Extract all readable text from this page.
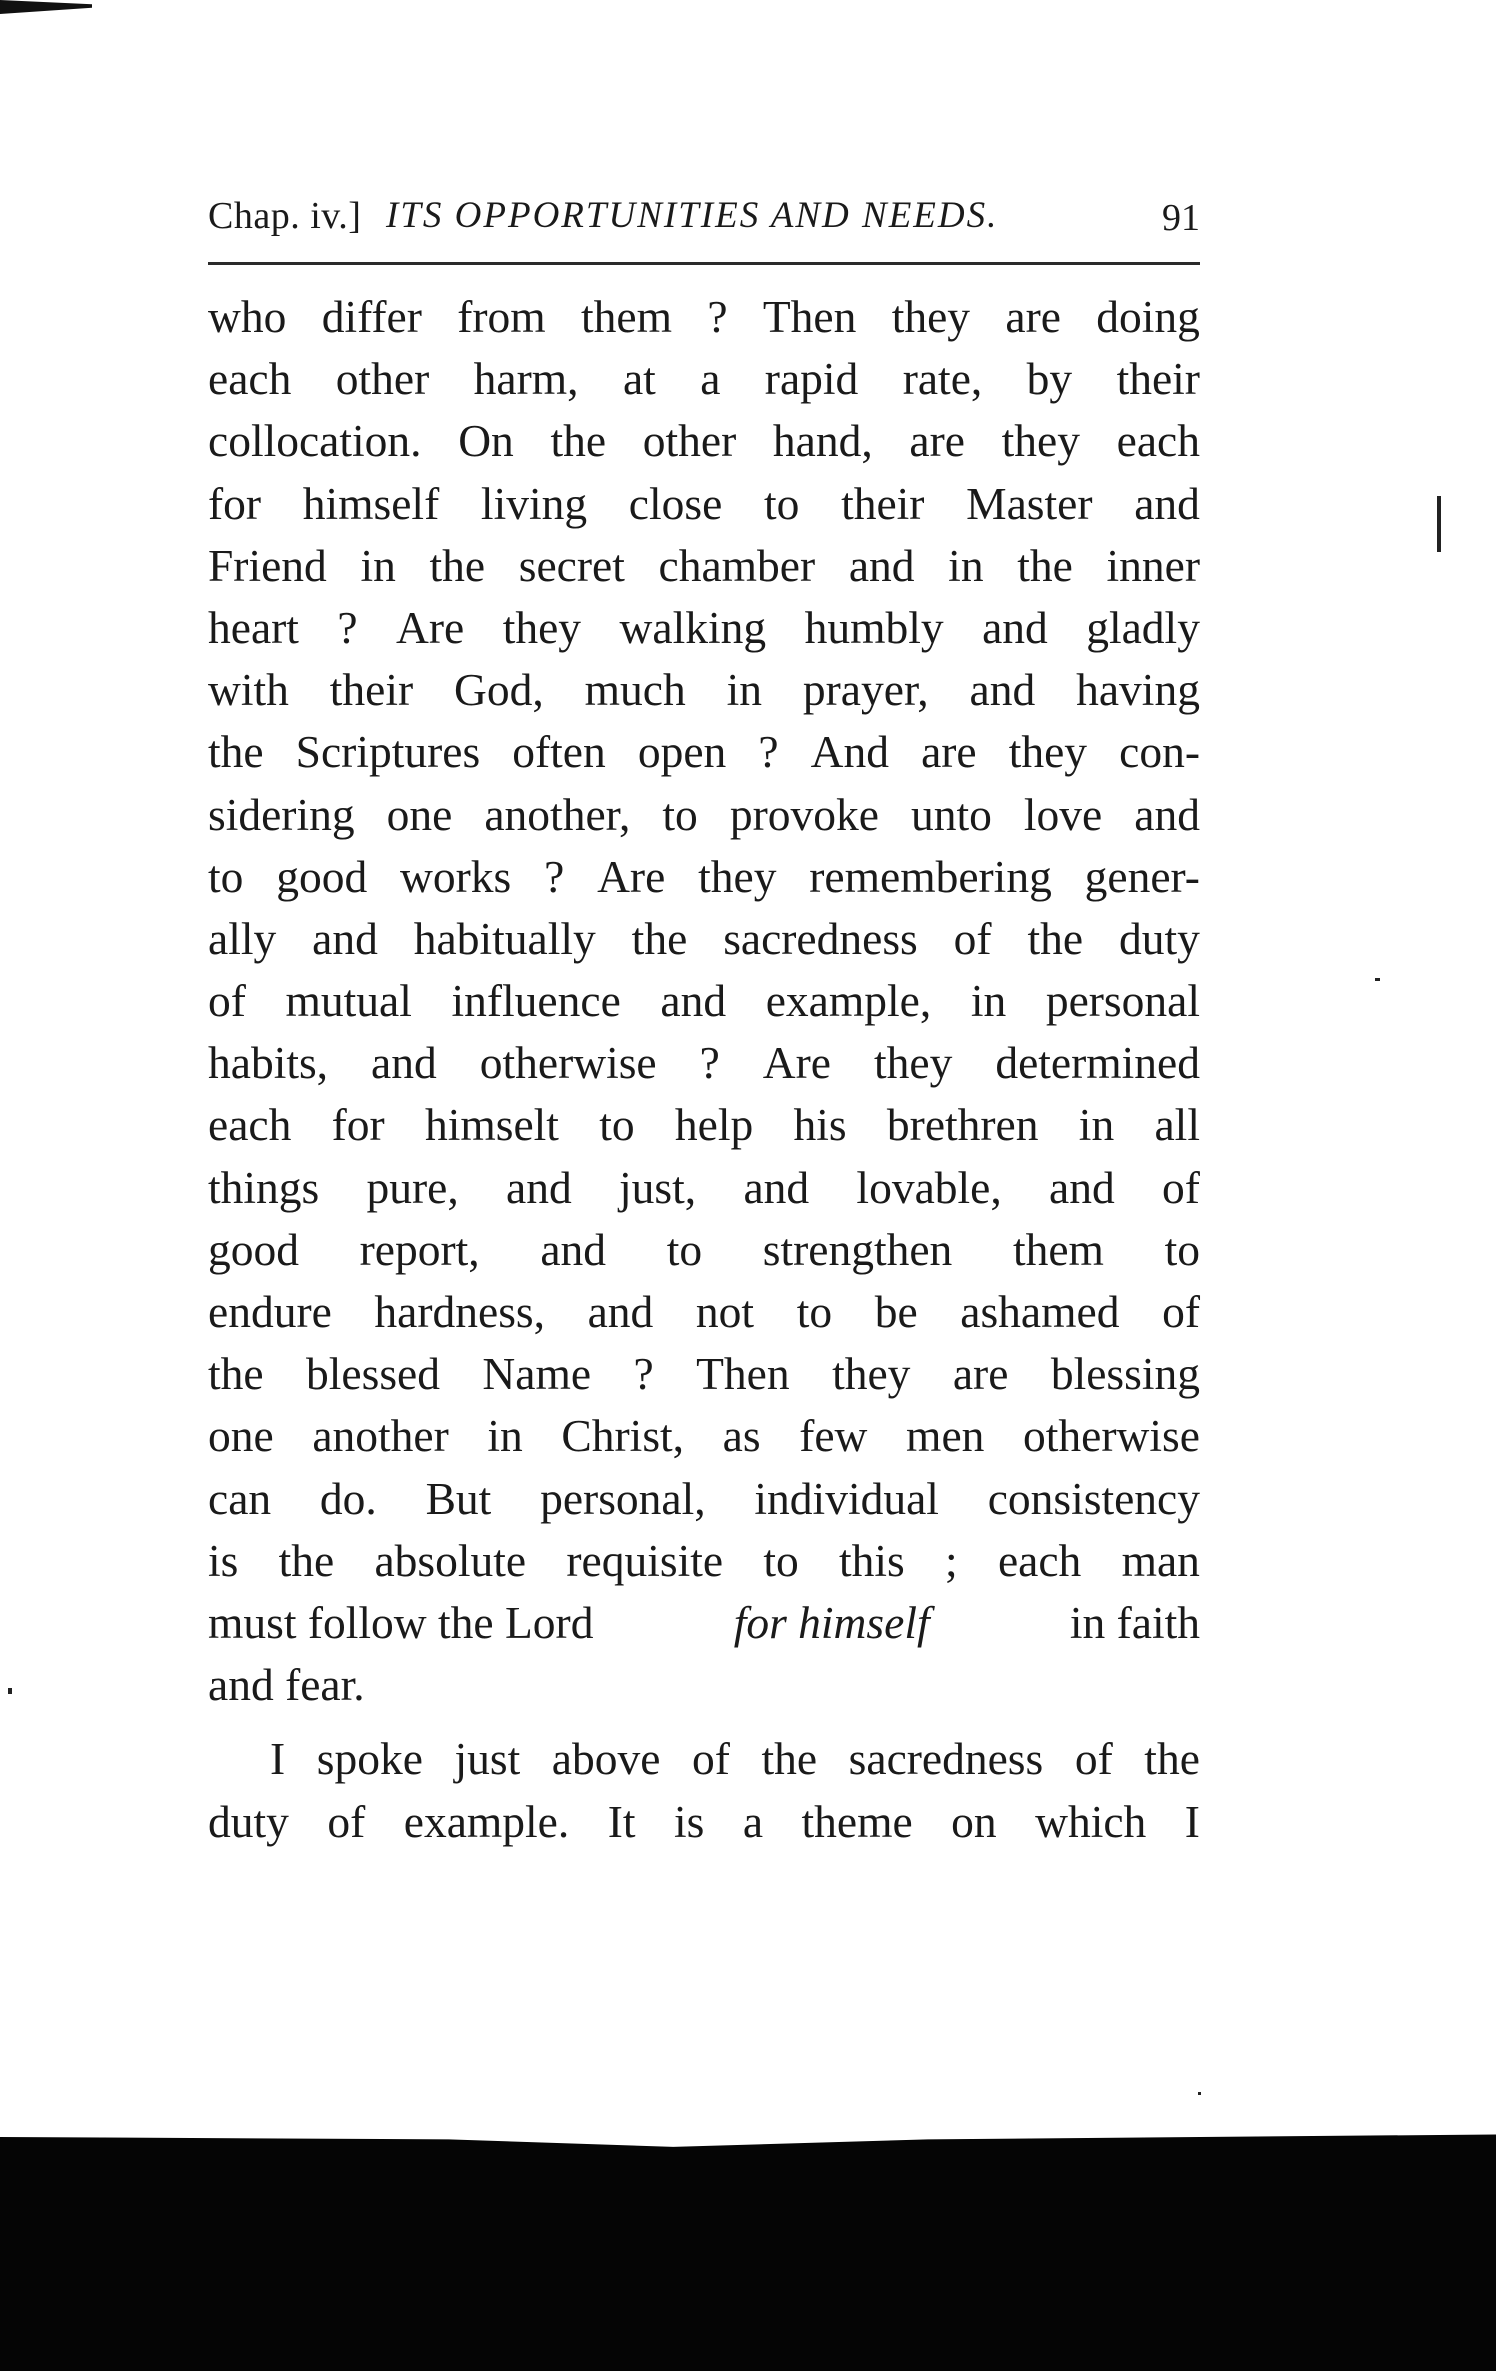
Chap. iv.] ITS OPPORTUNITIES AND NEEDS.	91
who differ from them ? Then they are doing
each other harm, at a rapid rate, by their
collocation. On the other hand, are they each
for himself living close to their Master and
Friend in the secret chamber and in the inner
heart ? Are they walking humbly and gladly
with their God, much in prayer, and having
the Scriptures often open ? And are they con-
sidering one another, to provoke unto love and
to good works ? Are they remembering gener-
ally and habitually the sacredness of the duty
of mutual influence and example, in personal
habits, and otherwise ? Are they determined
each for himselt to help his brethren in all
things pure, and just, and lovable, and of
good report, and to strengthen them to
endure hardness, and not to be ashamed of
the blessed Name ? Then they are blessing
one another in Christ, as few men otherwise
can do. But personal, individual consistency
is the absolute requisite to this ; each man
must follow the Lord	for himself	in faith
and fear.
I spoke just above of the sacredness of the
duty of example. It is a theme on which I
